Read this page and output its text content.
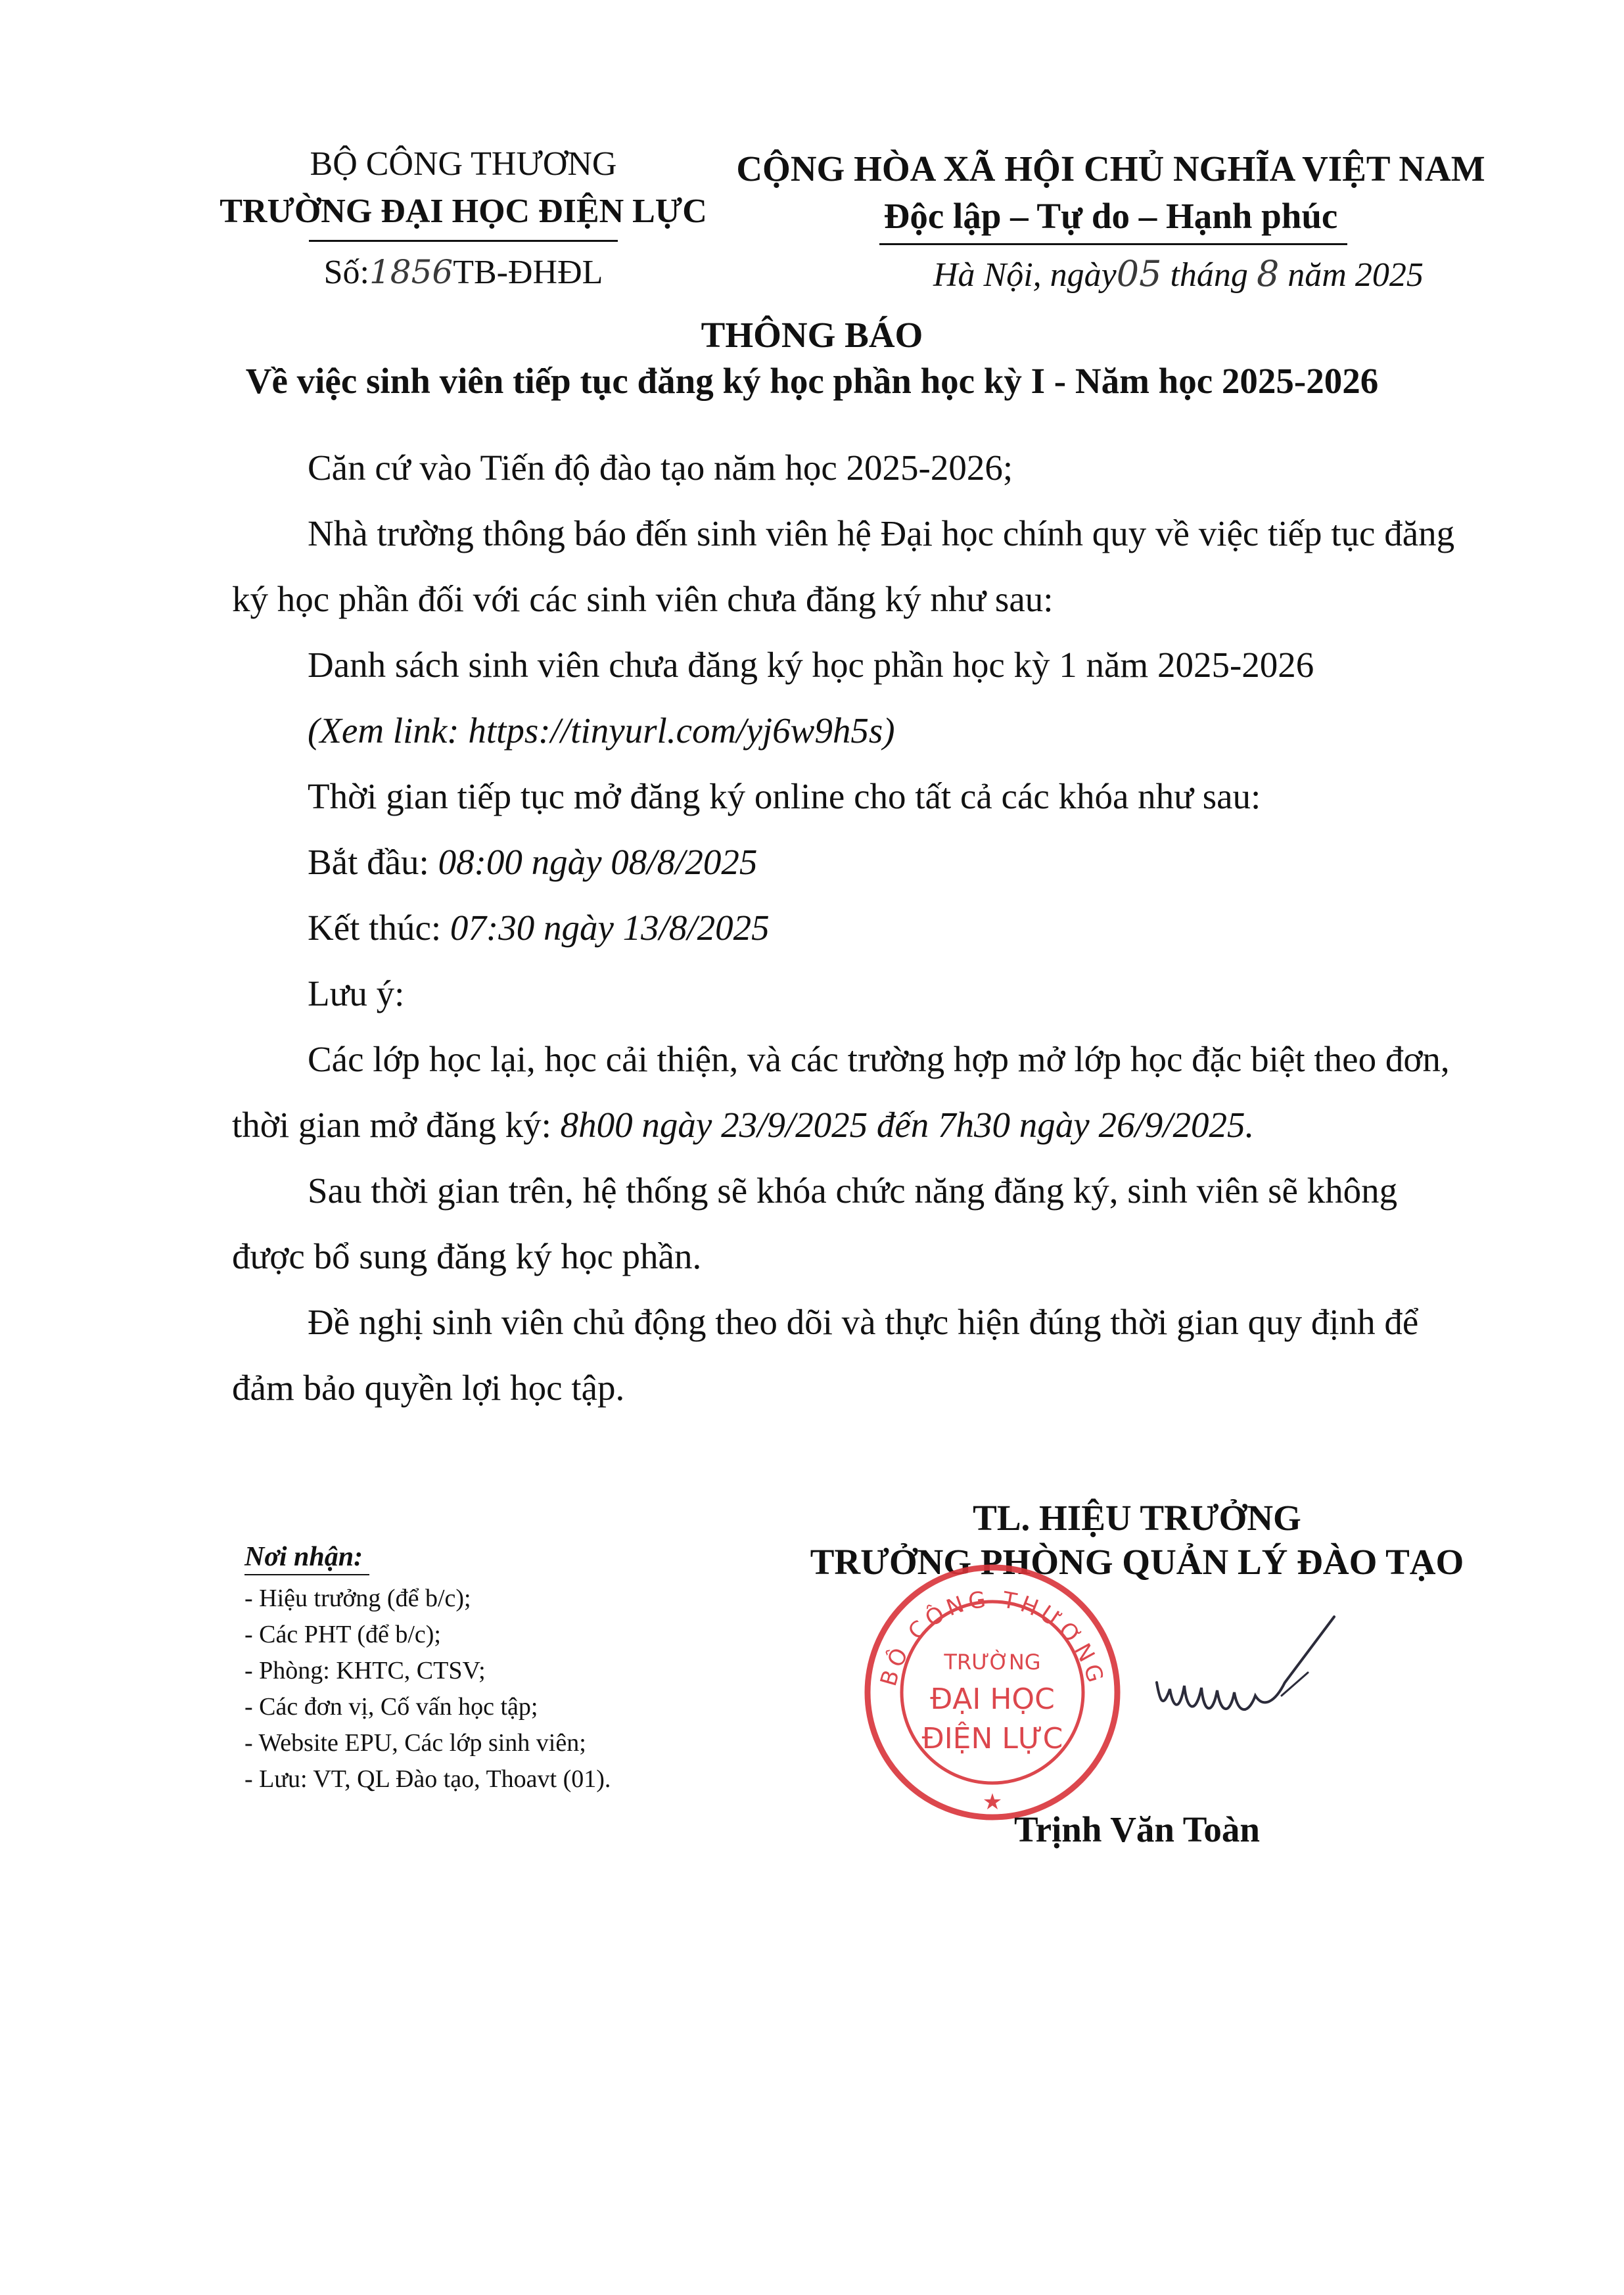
BỘ CÔNG THƯƠNG
TRƯỜNG ĐẠI HỌC ĐIỆN LỰC
Số:1856TB-ĐHĐL
CỘNG HÒA XÃ HỘI CHỦ NGHĨA VIỆT NAM
Độc lập – Tự do – Hạnh phúc
Hà Nội, ngày05 tháng 8 năm 2025
THÔNG BÁO
Về việc sinh viên tiếp tục đăng ký học phần học kỳ I - Năm học 2025-2026
Căn cứ vào Tiến độ đào tạo năm học 2025-2026;
Nhà trường thông báo đến sinh viên hệ Đại học chính quy về việc tiếp tục đăng
ký học phần đối với các sinh viên chưa đăng ký như sau:
Danh sách sinh viên chưa đăng ký học phần học kỳ 1 năm 2025-2026
(Xem link: https://tinyurl.com/yj6w9h5s)
Thời gian tiếp tục mở đăng ký online cho tất cả các khóa như sau:
Bắt đầu: 08:00 ngày 08/8/2025
Kết thúc: 07:30 ngày 13/8/2025
Lưu ý:
Các lớp học lại, học cải thiện, và các trường hợp mở lớp học đặc biệt theo đơn,
thời gian mở đăng ký: 8h00 ngày 23/9/2025 đến 7h30 ngày 26/9/2025.
Sau thời gian trên, hệ thống sẽ khóa chức năng đăng ký, sinh viên sẽ không
được bổ sung đăng ký học phần.
Đề nghị sinh viên chủ động theo dõi và thực hiện đúng thời gian quy định để
đảm bảo quyền lợi học tập.
Nơi nhận:
- Hiệu trưởng (để b/c);
- Các PHT (để b/c);
- Phòng: KHTC, CTSV;
- Các đơn vị, Cố vấn học tập;
- Website EPU, Các lớp sinh viên;
- Lưu: VT, QL Đào tạo, Thoavt (01).
TL. HIỆU TRƯỞNG
TRƯỞNG PHÒNG QUẢN LÝ ĐÀO TẠO
BỘ CÔNG THƯƠNG
TRƯỜNG
ĐẠI HỌC
ĐIỆN LỰC
★
Trịnh Văn Toàn
